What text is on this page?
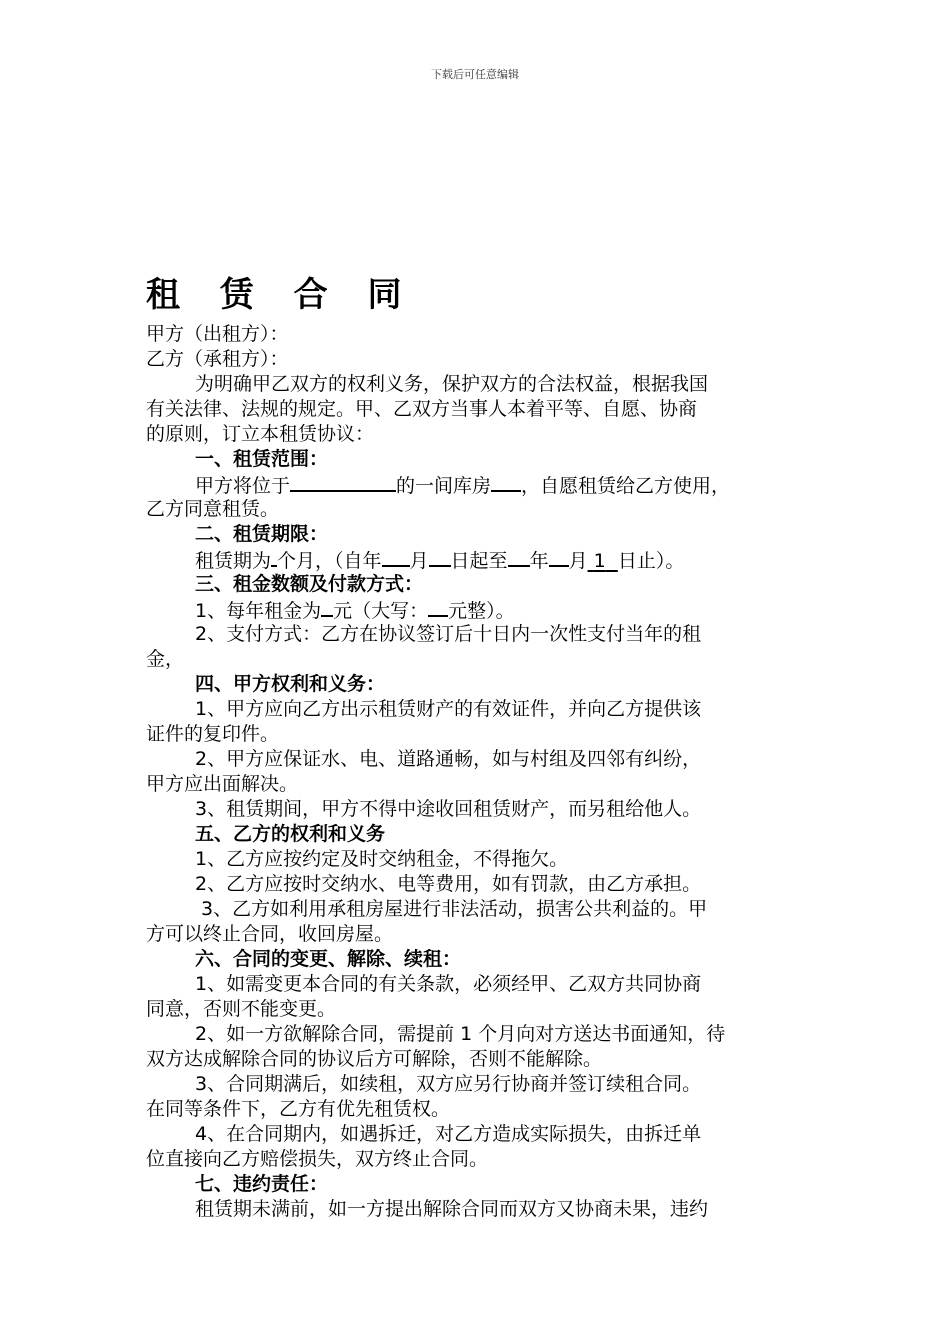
下载后可任意编辑
租 赁 合 同
甲方（出租方）：
乙方（承租方）：
为明确甲乙双方的权利义务，保护双方的合法权益，根据我国
有关法律、法规的规定。甲、乙双方当事人本着平等、自愿、协商
的原则，订立本租赁协议：
一、租赁范围：
甲方将位于	的一间库房 ，自愿租赁给乙方使用，
乙方同意租赁。
二、租赁期限：
租赁期为 个月，（自年 月 日起至 年 月 1 日止）。
三、租金数额及付款方式：
1、每年租金为 元（大写： 元整）。
2、支付方式：乙方在协议签订后十日内一次性支付当年的租
金，
四、甲方权利和义务：
1、甲方应向乙方出示租赁财产的有效证件，并向乙方提供该
证件的复印件。
2、甲方应保证水、电、道路通畅，如与村组及四邻有纠纷，
甲方应出面解决。
3、租赁期间，甲方不得中途收回租赁财产，而另租给他人。
五、乙方的权利和义务
1、乙方应按约定及时交纳租金，不得拖欠。
2、乙方应按时交纳水、电等费用，如有罚款，由乙方承担。
3、乙方如利用承租房屋进行非法活动，损害公共利益的。甲
方可以终止合同，收回房屋。
六、合同的变更、解除、续租：
1、如需变更本合同的有关条款，必须经甲、乙双方共同协商
同意，否则不能变更。
2、如一方欲解除合同，需提前 1 个月向对方送达书面通知，待
双方达成解除合同的协议后方可解除，否则不能解除。
3、合同期满后，如续租，双方应另行协商并签订续租合同。
在同等条件下，乙方有优先租赁权。
4、在合同期内，如遇拆迁，对乙方造成实际损失，由拆迁单
位直接向乙方赔偿损失，双方终止合同。
七、违约责任：
租赁期未满前，如一方提出解除合同而双方又协商未果，违约
